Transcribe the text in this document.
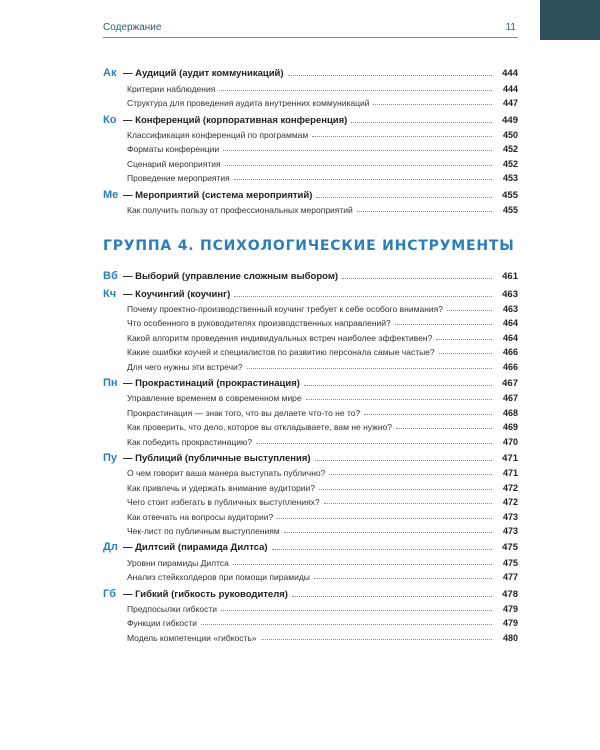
Содержание	11
Ак — Аудиций (аудит коммуникаций)	444
Критерии наблюдения	444
Структура для проведения аудита внутренних коммуникаций	447
Ко — Конференций (корпоративная конференция)	449
Классификация конференций по программам	450
Форматы конференции	452
Сценарий мероприятия	452
Проведение мероприятия	453
Ме — Мероприятий (система мероприятий)	455
Как получить пользу от профессиональных мероприятий	455
ГРУППА 4. ПСИХОЛОГИЧЕСКИЕ ИНСТРУМЕНТЫ
Вб — Выборий (управление сложным выбором)	461
Кч — Коучингий (коучинг)	463
Почему проектно-производственный коучинг требует к себе особого внимания?	463
Что особенного в руководителях производственных направлений?	464
Какой алгоритм проведения индивидуальных встреч наиболее эффективен?	464
Какие ошибки коучей и специалистов по развитию персонала самые частые?	466
Для чего нужны эти встречи?	466
Пн — Прокрастинаций (прокрастинация)	467
Управление временем в современном мире	467
Прокрастинация — знак того, что вы делаете что-то не то?	468
Как проверить, что дело, которое вы откладываете, вам не нужно?	469
Как победить прокрастинацию?	470
Пу — Публиций (публичные выступления)	471
О чем говорит ваша манера выступать публично?	471
Как привлечь и удержать внимание аудитории?	472
Чего стоит избегать в публичных выступлениях?	472
Как отвечать на вопросы аудитории?	473
Чек-лист по публичным выступлениям	473
Дл — Дилтсий (пирамида Дилтса)	475
Уровни пирамиды Дилтса	475
Анализ стейкхолдеров при помощи пирамиды	477
Гб — Гибкий (гибкость руководителя)	478
Предпосылки гибкости	479
Функции гибкости	479
Модель компетенции «гибкость»	480
